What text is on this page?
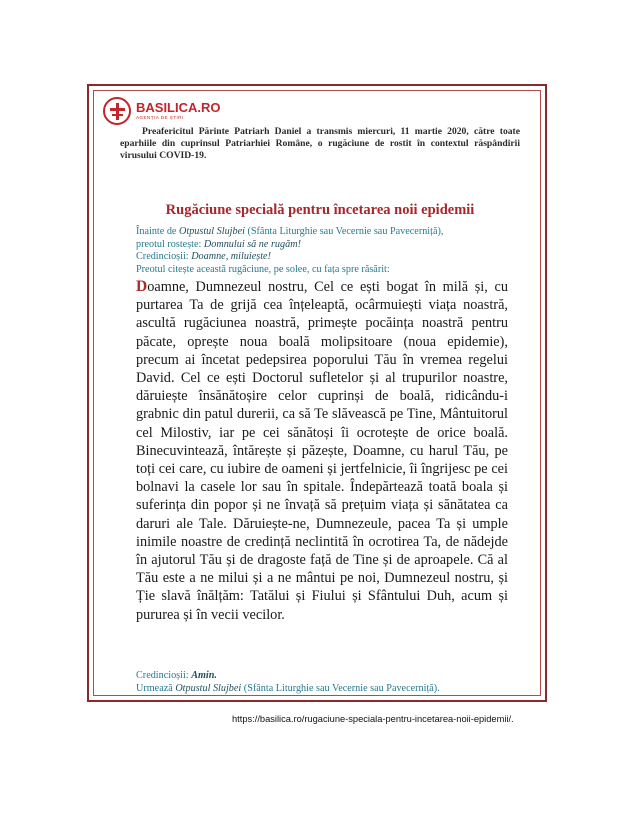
BASILICA.RO
AGENȚIA DE ȘTIRI
Preafericitul Părinte Patriarh Daniel a transmis miercuri, 11 martie 2020, către toate eparhiile din cuprinsul Patriarhiei Române, o rugăciune de rostit în contextul răspândirii virusului COVID-19.
Rugăciune specială pentru încetarea noii epidemii
Înainte de Otpustul Slujbei (Sfânta Liturghie sau Vecernie sau Pavecerniță),
preotul rostește: Domnului să ne rugăm!
Credincioșii: Doamne, miluiește!
Preotul citește această rugăciune, pe solee, cu fața spre răsărit:
Doamne, Dumnezeul nostru, Cel ce ești bogat în milă și, cu purtarea Ta de grijă cea înțeleaptă, ocârmuiești viața noastră, ascultă rugăciunea noastră, primește pocăința noastră pentru păcate, oprește noua boală molipsitoare (noua epidemie), precum ai încetat pedepsirea poporului Tău în vremea regelui David. Cel ce ești Doctorul sufletelor și al trupurilor noastre, dăruiește însănătoșire celor cuprinși de boală, ridicându-i grabnic din patul durerii, ca să Te slăvească pe Tine, Mântuitorul cel Milostiv, iar pe cei sănătoși îi ocrotește de orice boală. Binecuvintează, întărește și păzește, Doamne, cu harul Tău, pe toți cei care, cu iubire de oameni și jertfelnicie, îi îngrijesc pe cei bolnavi la casele lor sau în spitale. Îndepărtează toată boala și suferința din popor și ne învață să prețuim viața și sănătatea ca daruri ale Tale. Dăruiește-ne, Dumnezeule, pacea Ta și umple inimile noastre de credință neclintită în ocrotirea Ta, de nădejde în ajutorul Tău și de dragoste față de Tine și de aproapele. Că al Tău este a ne milui și a ne mântui pe noi, Dumnezeul nostru, și Ție slavă înălțăm: Tatălui și Fiului și Sfântului Duh, acum și pururea și în vecii vecilor.
Credincioșii: Amin.
Urmează Otpustul Slujbei (Sfânta Liturghie sau Vecernie sau Pavecerniță).
https://basilica.ro/rugaciune-speciala-pentru-incetarea-noii-epidemii/.
